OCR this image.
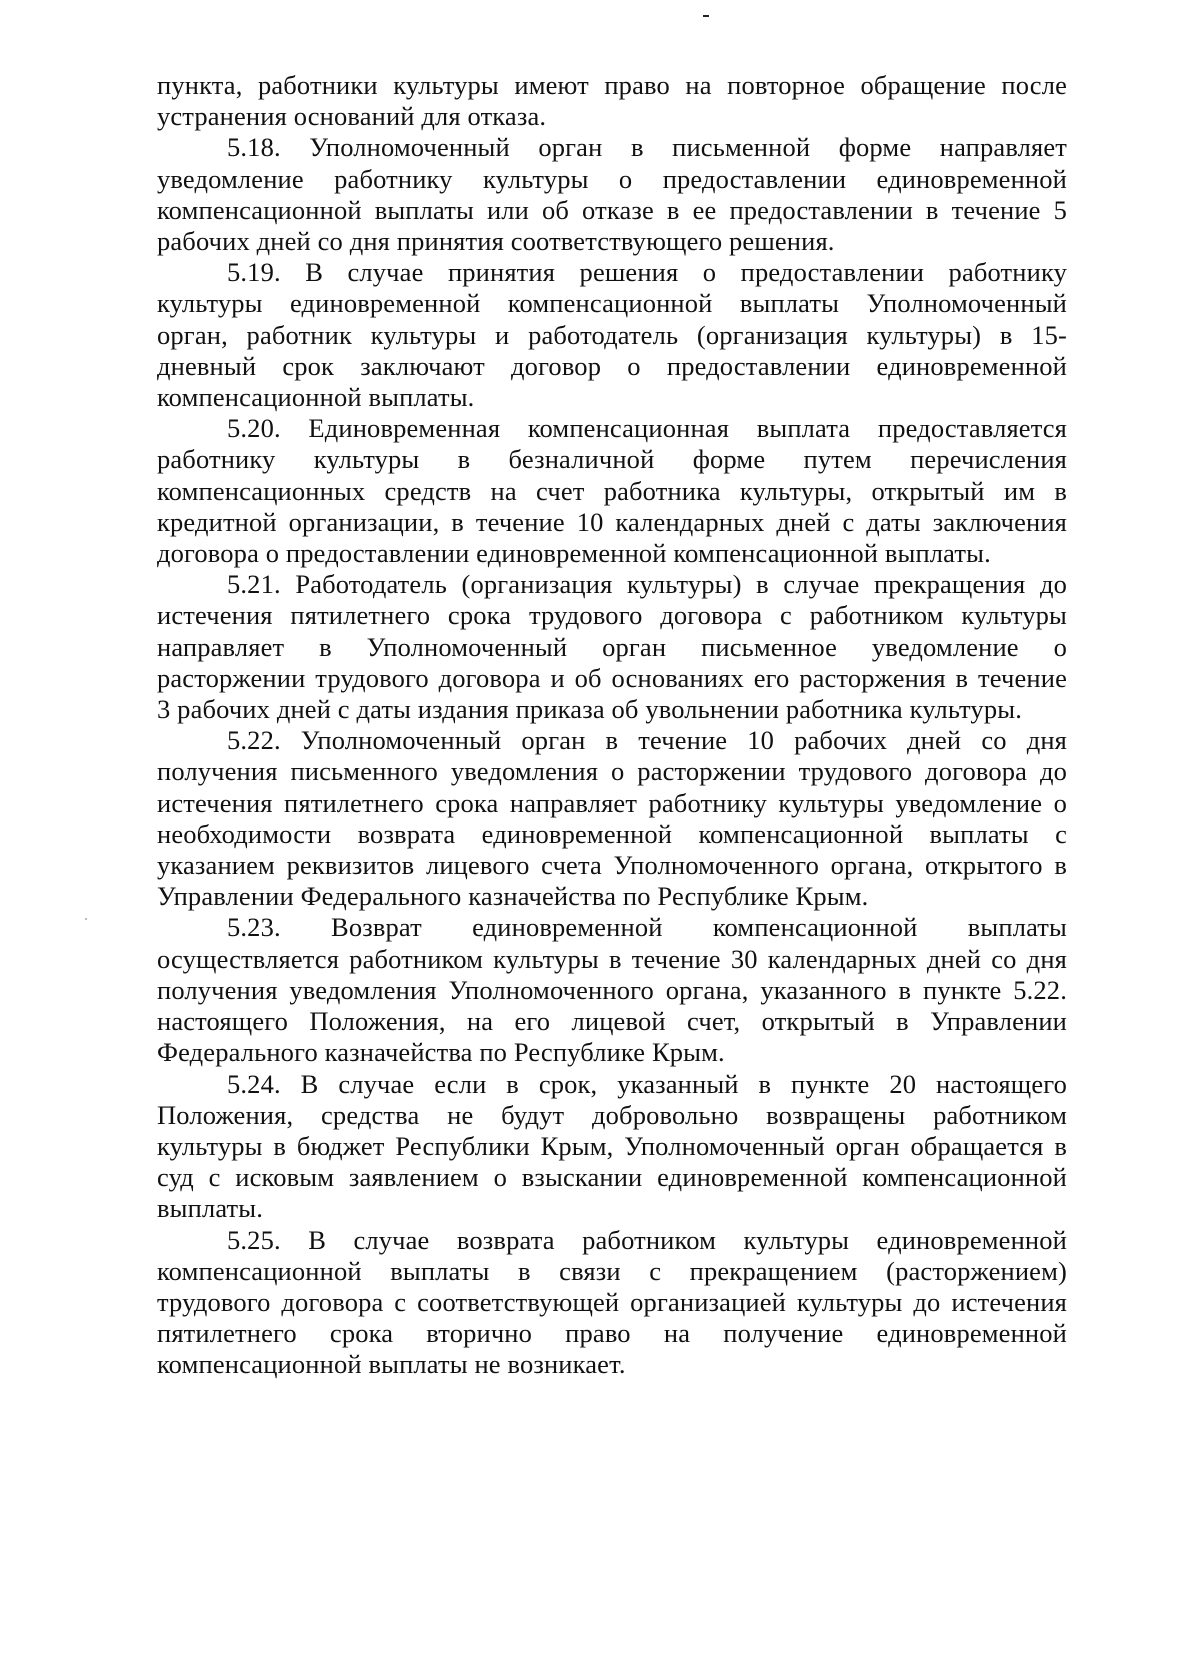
пункта, работники культуры имеют право на повторное обращение после
устранения оснований для отказа.
5.18. Уполномоченный орган в письменной форме направляет
уведомление работнику культуры о предоставлении единовременной
компенсационной выплаты или об отказе в ее предоставлении в течение 5
рабочих дней со дня принятия соответствующего решения.
5.19. В случае принятия решения о предоставлении работнику
культуры единовременной компенсационной выплаты Уполномоченный
орган, работник культуры и работодатель (организация культуры) в 15-
дневный срок заключают договор о предоставлении единовременной
компенсационной выплаты.
5.20. Единовременная компенсационная выплата предоставляется
работнику культуры в безналичной форме путем перечисления
компенсационных средств на счет работника культуры, открытый им в
кредитной организации, в течение 10 календарных дней с даты заключения
договора о предоставлении единовременной компенсационной выплаты.
5.21. Работодатель (организация культуры) в случае прекращения до
истечения пятилетнего срока трудового договора с работником культуры
направляет в Уполномоченный орган письменное уведомление о
расторжении трудового договора и об основаниях его расторжения в течение
3 рабочих дней с даты издания приказа об увольнении работника культуры.
5.22. Уполномоченный орган в течение 10 рабочих дней со дня
получения письменного уведомления о расторжении трудового договора до
истечения пятилетнего срока направляет работнику культуры уведомление о
необходимости возврата единовременной компенсационной выплаты с
указанием реквизитов лицевого счета Уполномоченного органа, открытого в
Управлении Федерального казначейства по Республике Крым.
5.23. Возврат единовременной компенсационной выплаты
осуществляется работником культуры в течение 30 календарных дней со дня
получения уведомления Уполномоченного органа, указанного в пункте 5.22.
настоящего Положения, на его лицевой счет, открытый в Управлении
Федерального казначейства по Республике Крым.
5.24. В случае если в срок, указанный в пункте 20 настоящего
Положения, средства не будут добровольно возвращены работником
культуры в бюджет Республики Крым, Уполномоченный орган обращается в
суд с исковым заявлением о взыскании единовременной компенсационной
выплаты.
5.25. В случае возврата работником культуры единовременной
компенсационной выплаты в связи с прекращением (расторжением)
трудового договора с соответствующей организацией культуры до истечения
пятилетнего срока вторично право на получение единовременной
компенсационной выплаты не возникает.
